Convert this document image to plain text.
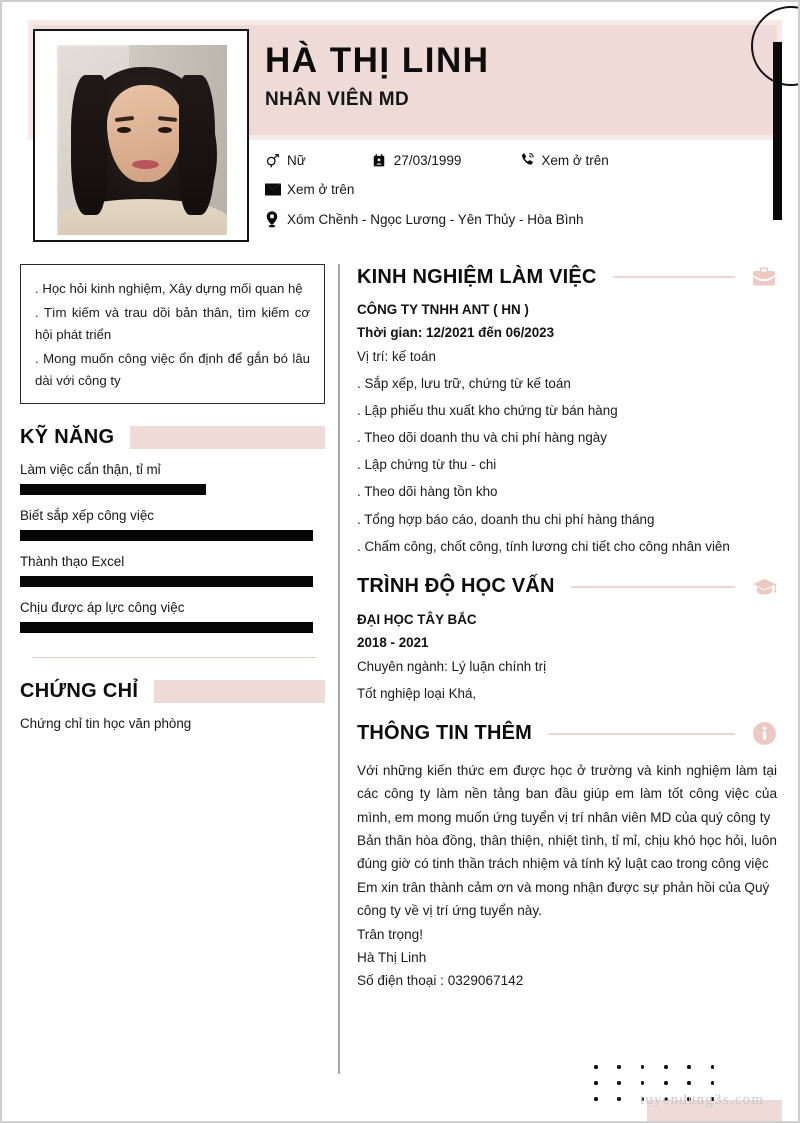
HÀ THỊ LINH
NHÂN VIÊN MD
Nữ	27/03/1999	Xem ở trên
Xem ở trên
Xóm Chềnh - Ngọc Lương - Yên Thủy - Hòa Bình

. Học hỏi kinh nghiệm, Xây dựng mối quan hệ

. Tìm kiếm và trau dồi bản thân, tìm kiếm cơ hội phát triển

. Mong muốn công việc ổn định để gắn bó lâu dài với công ty

KỸ NĂNG
Làm việc cẩn thận, tỉ mỉ
Biết sắp xếp công việc
Thành thạo Excel
Chịu được áp lực công việc
CHỨNG CHỈ
Chứng chỉ tin học văn phòng
KINH NGHIỆM LÀM VIỆC
CÔNG TY TNHH ANT ( HN )
Thời gian: 12/2021 đến 06/2023
Vị trí: kế toán
. Sắp xếp, lưu trữ, chứng từ kế toán
. Lập phiếu thu xuất kho chứng từ bán hàng
. Theo dõi doanh thu và chi phí hàng ngày
. Lập chứng từ thu - chi
. Theo dõi hàng tồn kho
. Tổng hợp báo cáo, doanh thu chi phí hàng tháng
. Chấm công, chốt công, tính lương chi tiết cho công nhân viên
TRÌNH ĐỘ HỌC VẤN
ĐẠI HỌC TÂY BẮC
2018 - 2021
Chuyên ngành: Lý luận chính trị
Tốt nghiệp loại Khá,
THÔNG TIN THÊM

Với những kiến thức em được học ở trường và kinh nghiệm làm tại các công ty làm nền tảng ban đầu giúp em làm tốt công việc của mình, em mong muốn ứng tuyển vị trí nhân viên MD của quý công ty

Bản thân hòa đồng, thân thiện, nhiệt tình, tỉ mỉ, chịu khó học hỏi, luôn đúng giờ có tinh thần trách nhiệm và tính kỷ luật cao trong công việc

Em xin trân thành cảm ơn và mong nhận được sự phản hồi của Quý công ty về vị trí ứng tuyển này.

Trân trọng!

Hà Thị Linh

Số điện thoại : 0329067142

tuyendung3s.com
